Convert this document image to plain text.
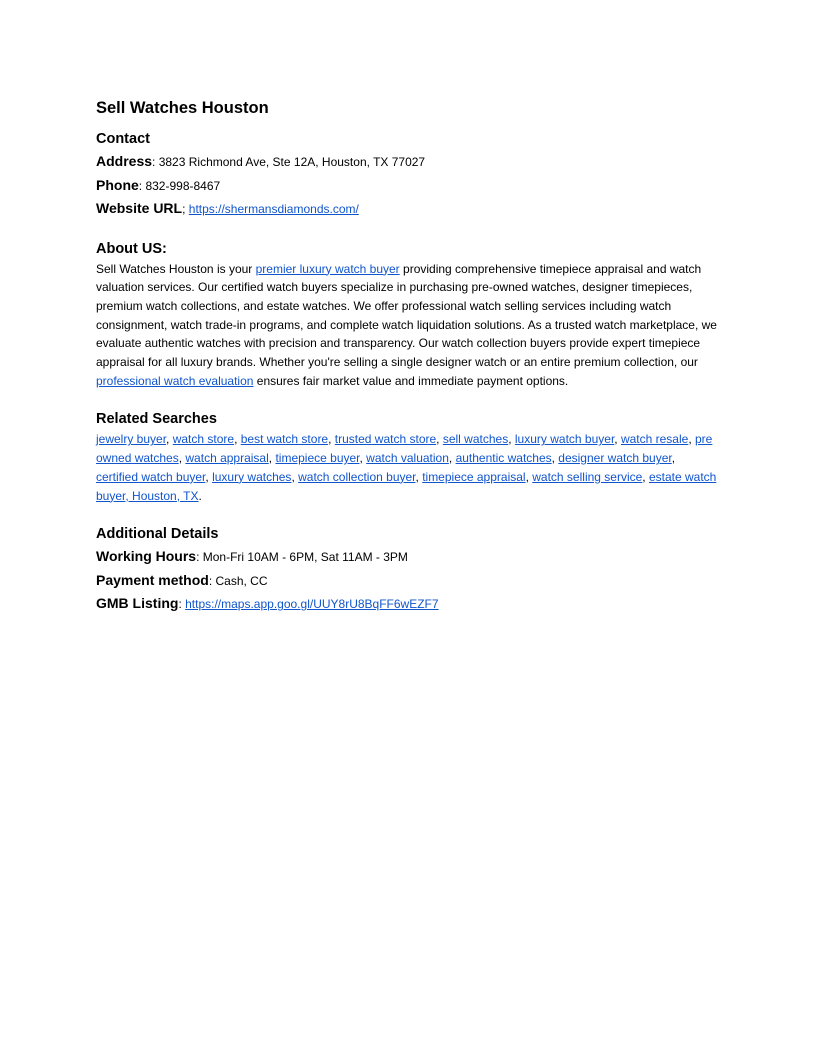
Sell Watches Houston
Contact
Address: 3823 Richmond Ave, Ste 12A, Houston, TX 77027
Phone: 832-998-8467
Website URL; https://shermansdiamonds.com/
About US:

Sell Watches Houston is your premier luxury watch buyer providing comprehensive timepiece appraisal and watch valuation services. Our certified watch buyers specialize in purchasing pre-owned watches, designer timepieces, premium watch collections, and estate watches. We offer professional watch selling services including watch consignment, watch trade-in programs, and complete watch liquidation solutions. As a trusted watch marketplace, we evaluate authentic watches with precision and transparency. Our watch collection buyers provide expert timepiece appraisal for all luxury brands. Whether you're selling a single designer watch or an entire premium collection, our professional watch evaluation ensures fair market value and immediate payment options.

Related Searches

jewelry buyer, watch store, best watch store, trusted watch store, sell watches, luxury watch buyer, watch resale, pre owned watches, watch appraisal, timepiece buyer, watch valuation, authentic watches, designer watch buyer, certified watch buyer, luxury watches, watch collection buyer, timepiece appraisal, watch selling service, estate watch buyer, Houston, TX.

Additional Details
Working Hours: Mon-Fri 10AM - 6PM, Sat 11AM - 3PM
Payment method: Cash, CC
GMB Listing: https://maps.app.goo.gl/UUY8rU8BqFF6wEZF7
